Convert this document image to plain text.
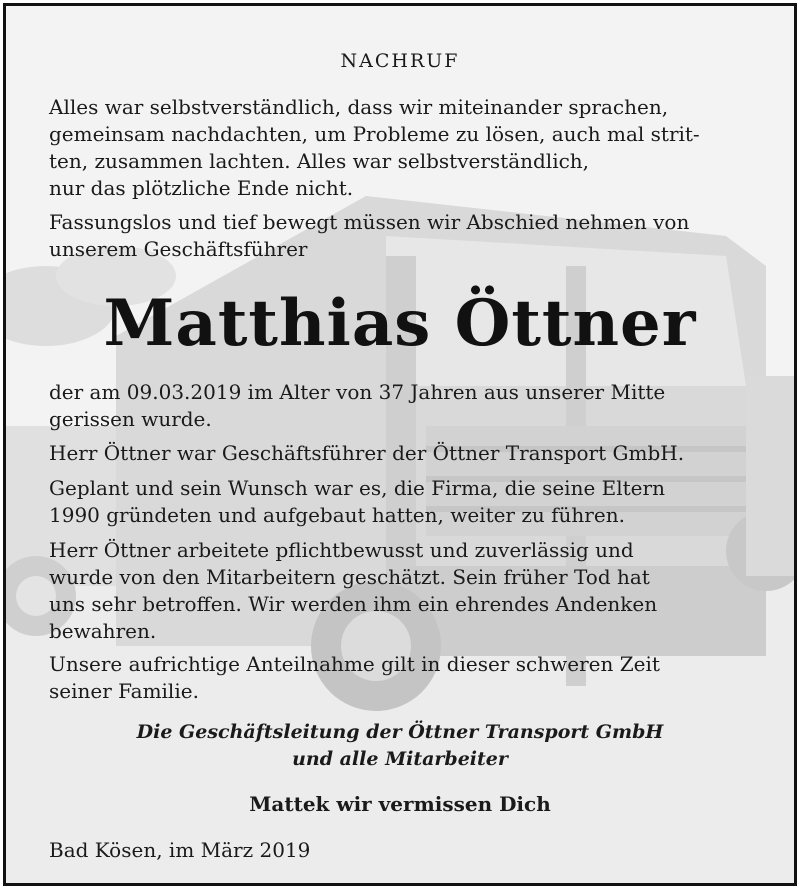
NACHRUF
Alles war selbstverständlich, dass wir miteinander sprachen,
gemeinsam nachdachten, um Probleme zu lösen, auch mal strit-
ten, zusammen lachten. Alles war selbstverständlich,
nur das plötzliche Ende nicht.
Fassungslos und tief bewegt müssen wir Abschied nehmen von
unserem Geschäftsführer
Matthias Öttner
der am 09.03.2019 im Alter von 37 Jahren aus unserer Mitte
gerissen wurde.
Herr Öttner war Geschäftsführer der Öttner Transport GmbH.
Geplant und sein Wunsch war es, die Firma, die seine Eltern
1990 gründeten und aufgebaut hatten, weiter zu führen.
Herr Öttner arbeitete pflichtbewusst und zuverlässig und
wurde von den Mitarbeitern geschätzt. Sein früher Tod hat
uns sehr betroffen. Wir werden ihm ein ehrendes Andenken
bewahren.
Unsere aufrichtige Anteilnahme gilt in dieser schweren Zeit
seiner Familie.
Die Geschäftsleitung der Öttner Transport GmbH
und alle Mitarbeiter
Mattek wir vermissen Dich
Bad Kösen, im März 2019
